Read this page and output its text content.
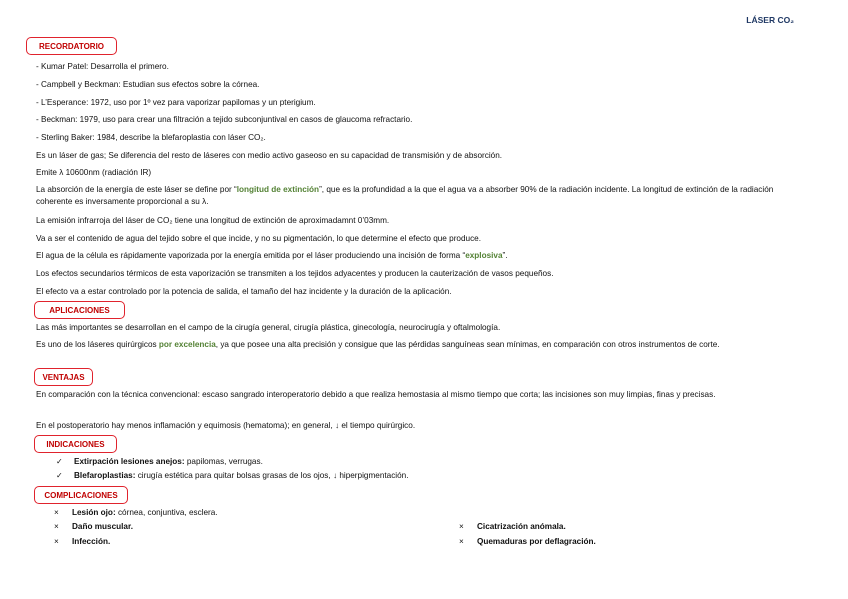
LÁSER CO₂
RECORDATORIO
- Kumar Patel: Desarrolla el primero.
- Campbell y Beckman: Estudian sus efectos sobre la córnea.
- L’Esperance: 1972, uso por 1º vez para vaporizar papilomas y un pterigium.
- Beckman: 1979, uso para crear una filtración a tejido subconjuntival en casos de glaucoma refractario.
- Sterling Baker: 1984, describe la blefaroplastia con láser CO₂.
Es un láser de gas; Se diferencia del resto de láseres con medio activo gaseoso en su capacidad de transmisión y de absorción.
Emite λ 10600nm (radiación IR)
La absorción de la energía de este láser se define por “longitud de extinción”, que es la profundidad a la que el agua va a absorber 90% de la radiación incidente. La longitud de extinción de la radiación coherente es inversamente proporcional a su λ.
La emisión infrarroja del láser de CO₂ tiene una longitud de extinción de aproximadamnt 0’03mm.
Va a ser el contenido de agua del tejido sobre el que incide, y no su pigmentación, lo que determine el efecto que produce.
El agua de la célula es rápidamente vaporizada por la energía emitida por el láser produciendo una incisión de forma “explosiva”.
Los efectos secundarios térmicos de esta vaporización se transmiten a los tejidos adyacentes y producen la cauterización de vasos pequeños.
El efecto va a estar controlado por la potencia de salida, el tamaño del haz incidente y la duración de la aplicación.
APLICACIONES
Las más importantes se desarrollan en el campo de la cirugía general, cirugía plástica, ginecología, neurocirugía y oftalmología.
Es uno de los láseres quirúrgicos por excelencia, ya que posee una alta precisión y consigue que las pérdidas sanguíneas sean mínimas, en comparación con otros instrumentos de corte.
VENTAJAS
En comparación con la técnica convencional: escaso sangrado interoperatorio debido a que realiza hemostasia al mismo tiempo que corta; las incisiones son muy limpias, finas y precisas.
En el postoperatorio hay menos inflamación y equimosis (hematoma); en general, ↓ el tiempo quirúrgico.
INDICACIONES
✓ Extirpación lesiones anejos: papilomas, verrugas.
✓ Blefaroplastias: cirugía estética para quitar bolsas grasas de los ojos, ↓ hiperpigmentación.
COMPLICACIONES
× Lesión ojo: córnea, conjuntiva, esclera.
× Daño muscular.
× Infección.
× Cicatrización anómala.
× Quemaduras por deflagración.
